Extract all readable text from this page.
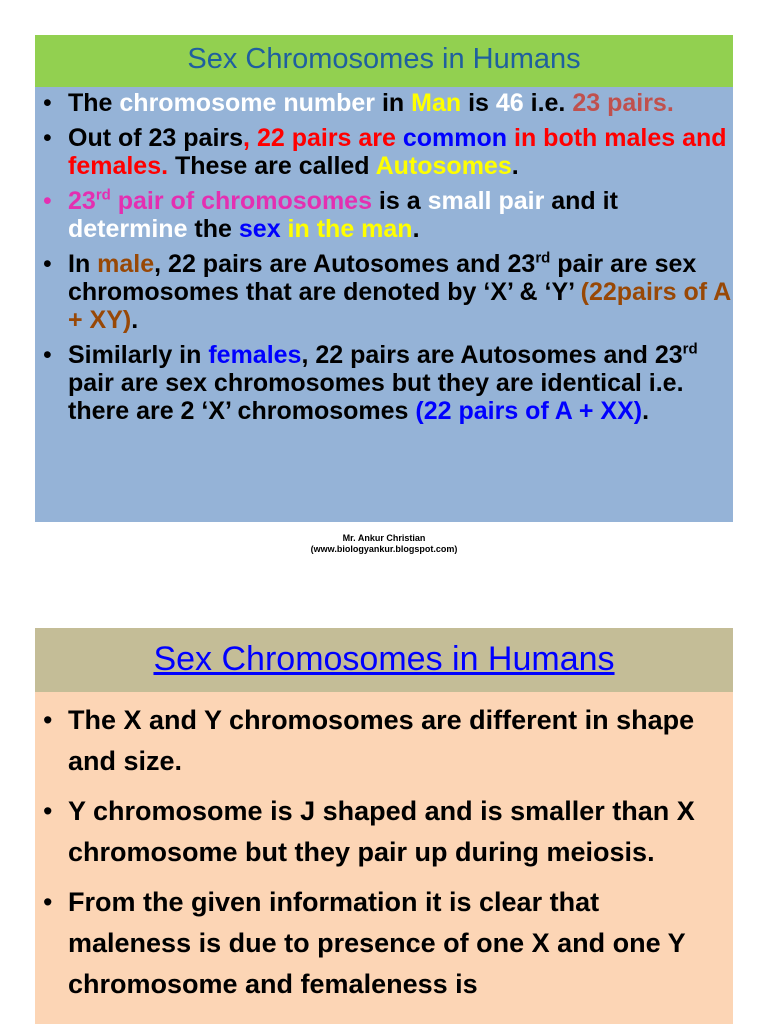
Sex Chromosomes in Humans
• The chromosome number in Man is 46 i.e. 23 pairs.
• Out of 23 pairs, 22 pairs are common in both males and females. These are called Autosomes.
• 23rd pair of chromosomes is a small pair and it determine the sex in the man.
• In male, 22 pairs are Autosomes and 23rd pair are sex chromosomes that are denoted by ‘X’ & ‘Y’ (22pairs of A + XY).
• Similarly in females, 22 pairs are Autosomes and 23rd pair are sex chromosomes but they are identical i.e. there are 2 ‘X’ chromosomes (22 pairs of A + XX).
Mr. Ankur Christian
(www.biologyankur.blogspot.com)
Sex Chromosomes in Humans
• The X and Y chromosomes are different in shape and size.
• Y chromosome is J shaped and is smaller than X chromosome but they pair up during meiosis.
• From the given information it is clear that maleness is due to presence of one X and one Y chromosome and femaleness is
